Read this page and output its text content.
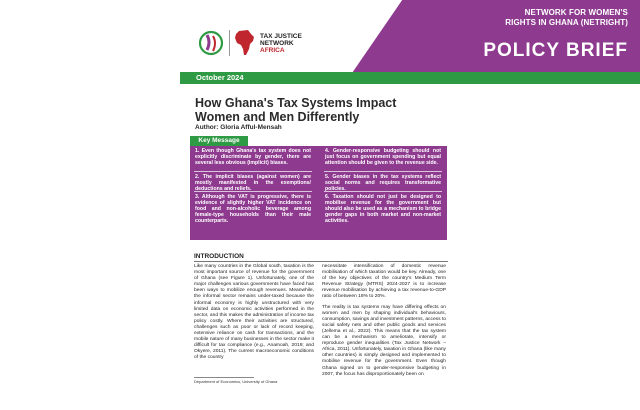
NETWORK FOR WOMEN'S
RIGHTS IN GHANA (NETRIGHT)
POLICY BRIEF
TAX JUSTICE
NETWORK
AFRICA
October 2024
How Ghana's Tax Systems Impact Women and Men Differently
Author: Gloria Afful-Mensah
Key Message
1. Even though Ghana's tax system does not explicitly discriminate by gender, there are several less obvious (implicit) biases.
2. The implicit biases (against women) are mostly manifested in the exemptions/ deductions and reliefs.
3. Although the VAT is progressive, there is evidence of slightly higher VAT incidence on food and non-alcoholic beverage among female-type households than their male counterparts.
4. Gender-responsive budgeting should not just focus on government spending but equal attention should be given to the revenue side.
5. Gender biases in the tax systems reflect social norms and requires transformative policies.
6. Taxation should not just be designed to mobilise revenue for the government but should also be used as a mechanism to bridge gender gaps in both market and non-market activities.
INTRODUCTION
Like many countries in the Global south, taxation is the most important source of revenue for the government of Ghana (see Figure 1). Unfortunately, one of the major challenges various governments have faced has been ways to mobilize enough revenues. Meanwhile, the informal sector remains under-taxed because the informal economy is highly unstructured with very limited data on economic activities performed in the sector, and this makes the administration of income tax policy costly. Where their activities are structured, challenges such as poor or lack of record keeping, extensive reliance on cash for transactions, and the mobile nature of many businesses in the sector make it difficult for tax compliance (e.g., Anamoah, 2019; and Okyere, 2011). The current macroeconomic conditions of the country

necessitate intensification of domestic revenue mobilisation of which taxation would be key. Already, one of the key objectives of the country's Medium Term Revenue Strategy (MTRS) 2024-2027 is to increase revenue mobilisation by achieving a tax revenue-to-GDP ratio of between 18% to 20%.

The reality is tax systems may have differing effects on women and men by shaping individual's behaviours, consumption, savings and investment patterns, access to social safety nets and other public goods and services (Jellema et al., 2022). This means that the tax system can be a mechanism to ameliorate, intensify or reproduce gender inequalities (Tax Justice Network – Africa, 2011). Unfortunately, taxation in Ghana (like many other countries) is simply designed and implemented to mobilise revenue for the government. Even though Ghana signed on to gender-responsive budgeting in 2007, the focus has disproportionately been on

Department of Economics, University of Ghana
